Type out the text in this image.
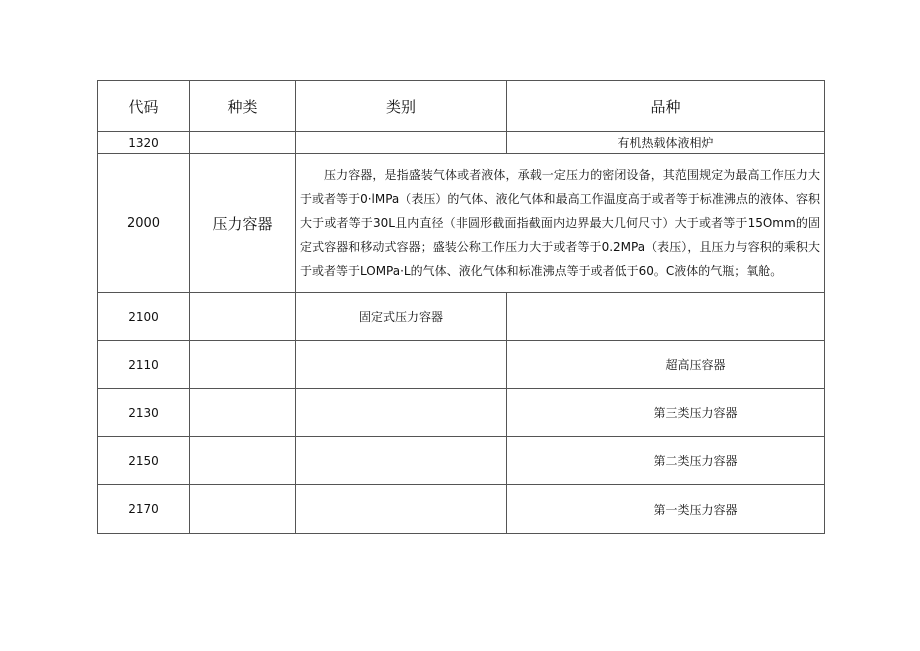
代码	种类	类别	品种
1320			有机热载体液相炉
2000	压力容器	压力容器，是指盛装气体或者液体，承载一定压力的密闭设备，其范围规定为最高工作压力大于或者等于0·lMPa（表压）的气体、液化气体和最高工作温度高于或者等于标准沸点的液体、容积大于或者等于30L且内直径（非圆形截面指截面内边界最大几何尺寸）大于或者等于15Omm的固定式容器和移动式容器；盛装公称工作压力大于或者等于0.2MPa（表压），且压力与容积的乘积大于或者等于LOMPa·L的气体、液化气体和标准沸点等于或者低于60。C液体的气瓶；氧舱。	
2100		固定式压力容器	
2110			超高压容器
2130			第三类压力容器
2150			第二类压力容器
2170			第一类压力容器
